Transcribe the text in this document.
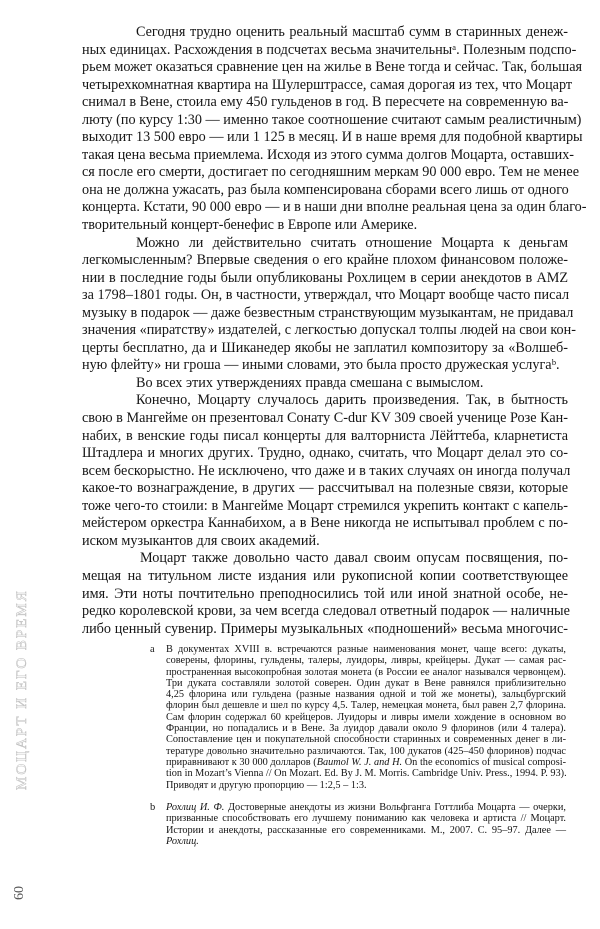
МОЦАРТ И ЕГО ВРЕМЯ
60
Сегодня трудно оценить реальный масштаб сумм в старинных денеж-
ных единицах. Расхождения в подсчетах весьма значительныᵃ. Полезным подспо-
рьем может оказаться сравнение цен на жилье в Вене тогда и сейчас. Так, большая
четырехкомнатная квартира на Шулерштрассе, самая дорогая из тех, что Моцарт
снимал в Вене, стоила ему 450 гульденов в год. В пересчете на современную ва-
люту (по курсу 1:30 — именно такое соотношение считают самым реалистичным)
выходит 13 500 евро — или 1 125 в месяц. И в наше время для подобной квартиры
такая цена весьма приемлема. Исходя из этого сумма долгов Моцарта, оставших-
ся после его смерти, достигает по сегодняшним меркам 90 000 евро. Тем не менее
она не должна ужасать, раз была компенсирована сборами всего лишь от одного
концерта. Кстати, 90 000 евро — и в наши дни вполне реальная цена за один благо-
творительный концерт-бенефис в Европе или Америке.
Можно ли действительно считать отношение Моцарта к деньгам
легкомысленным? Впервые сведения о его крайне плохом финансовом положе-
нии в последние годы были опубликованы Рохлицем в серии анекдотов в AMZ
за 1798–1801 годы. Он, в частности, утверждал, что Моцарт вообще часто писал
музыку в подарок — даже безвестным странствующим музыкантам, не придавал
значения «пиратству» издателей, с легкостью допускал толпы людей на свои кон-
церты бесплатно, да и Шиканедер якобы не заплатил композитору за «Волшеб-
ную флейту» ни гроша — иными словами, это была просто дружеская услугаᵇ.
Во всех этих утверждениях правда смешана с вымыслом.
Конечно, Моцарту случалось дарить произведения. Так, в бытность
свою в Мангейме он презентовал Сонату C-dur KV 309 своей ученице Розе Кан-
набих, в венские годы писал концерты для валторниста Лёйттеба, кларнетиста
Штадлера и многих других. Трудно, однако, считать, что Моцарт делал это со-
всем бескорыстно. Не исключено, что даже и в таких случаях он иногда получал
какое-то вознаграждение, в других — рассчитывал на полезные связи, которые
тоже чего-то стоили: в Мангейме Моцарт стремился укрепить контакт с капель-
мейстером оркестра Каннабихом, а в Вене никогда не испытывал проблем с по-
иском музыкантов для своих академий.
Моцарт также довольно часто давал своим опусам посвящения, по-
мещая на титульном листе издания или рукописной копии соответствующее
имя. Эти ноты почтительно преподносились той или иной знатной особе, не-
редко королевской крови, за чем всегда следовал ответный подарок — наличные
либо ценный сувенир. Примеры музыкальных «подношений» весьма многочис-
a В документах XVIII в. встречаются разные наименования монет, чаще всего: дукаты,
соверены, флорины, гульдены, талеры, луидоры, ливры, крейцеры. Дукат — самая рас-
пространенная высокопробная золотая монета (в России ее аналог назывался червонцем).
Три дуката составляли золотой соверен. Один дукат в Вене равнялся приблизительно
4,25 флорина или гульдена (разные названия одной и той же монеты), зальцбургский
флорин был дешевле и шел по курсу 4,5. Талер, немецкая монета, был равен 2,7 флорина.
Сам флорин содержал 60 крейцеров. Луидоры и ливры имели хождение в основном во
Франции, но попадались и в Вене. За луидор давали около 9 флоринов (или 4 талера).
Сопоставление цен и покупательной способности старинных и современных денег в ли-
тературе довольно значительно различаются. Так, 100 дукатов (425–450 флоринов) подчас
приравнивают к 30 000 долларов (Baumol W. J. and H. On the economics of musical composi-
tion in Mozart’s Vienna // On Mozart. Ed. By J. M. Morris. Cambridge Univ. Press., 1994. P. 93).
Приводят и другую пропорцию — 1:2,5 – 1:3.
b Рохлиц И. Ф. Достоверные анекдоты из жизни Вольфганга Готтлиба Моцарта — очерки,
призванные способствовать его лучшему пониманию как человека и артиста // Моцарт.
Истории и анекдоты, рассказанные его современниками. М., 2007. С. 95–97. Далее —
Рохлиц.
